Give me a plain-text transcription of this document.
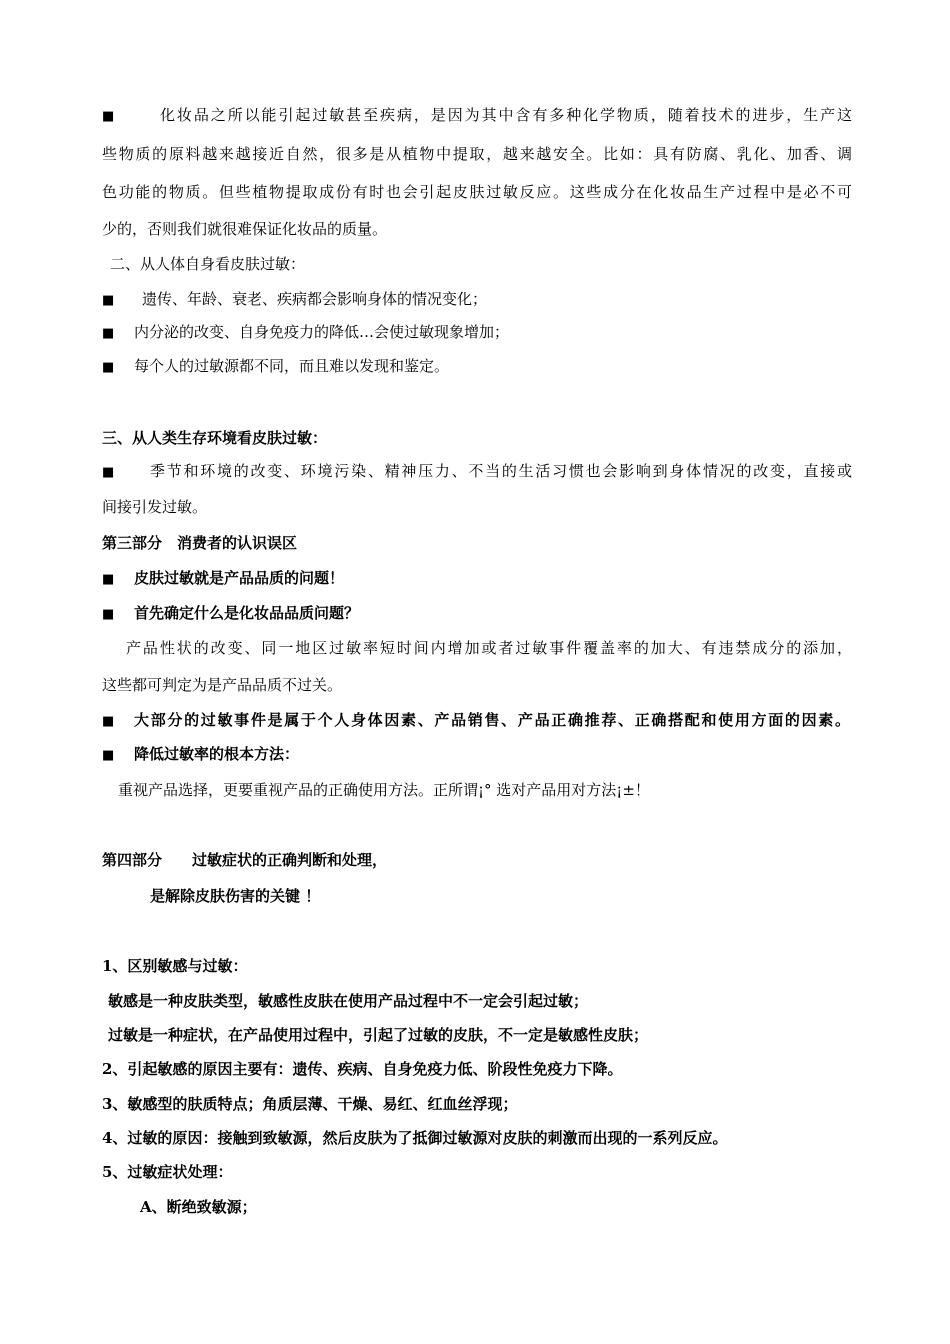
■	化妆品之所以能引起过敏甚至疾病，是因为其中含有多种化学物质，随着技术的进步，生产这
些物质的原料越来越接近自然，很多是从植物中提取，越来越安全。比如：具有防腐、乳化、加香、调
色功能的物质。但些植物提取成份有时也会引起皮肤过敏反应。这些成分在化妆品生产过程中是必不可
少的，否则我们就很难保证化妆品的质量。
二、从人体自身看皮肤过敏：
■ 遗传、年龄、衰老、疾病都会影响身体的情况变化；
■ 内分泌的改变、自身免疫力的降低…会使过敏现象增加；
■ 每个人的过敏源都不同，而且难以发现和鉴定。
三、从人类生存环境看皮肤过敏：
■ 季节和环境的改变、环境污染、精神压力、不当的生活习惯也会影响到身体情况的改变，直接或
间接引发过敏。
第三部分　消费者的认识误区
■ 皮肤过敏就是产品品质的问题！
■ 首先确定什么是化妆品品质问题？
产品性状的改变、同一地区过敏率短时间内增加或者过敏事件覆盖率的加大、有违禁成分的添加，
这些都可判定为是产品品质不过关。
■ 大部分的过敏事件是属于个人身体因素、产品销售、产品正确推荐、正确搭配和使用方面的因素。
■ 降低过敏率的根本方法：
重视产品选择，更要重视产品的正确使用方法。正所谓¡° 选对产品用对方法¡±！
第四部分　　过敏症状的正确判断和处理，
是解除皮肤伤害的关键 ！
1、区别敏感与过敏：
敏感是一种皮肤类型，敏感性皮肤在使用产品过程中不一定会引起过敏；
过敏是一种症状，在产品使用过程中，引起了过敏的皮肤，不一定是敏感性皮肤；
2、引起敏感的原因主要有：遗传、疾病、自身免疫力低、阶段性免疫力下降。
3、敏感型的肤质特点；角质层薄、干燥、易红、红血丝浮现；
4、过敏的原因：接触到致敏源，然后皮肤为了抵御过敏源对皮肤的刺激而出现的一系列反应。
5、过敏症状处理：
A、断绝致敏源；
